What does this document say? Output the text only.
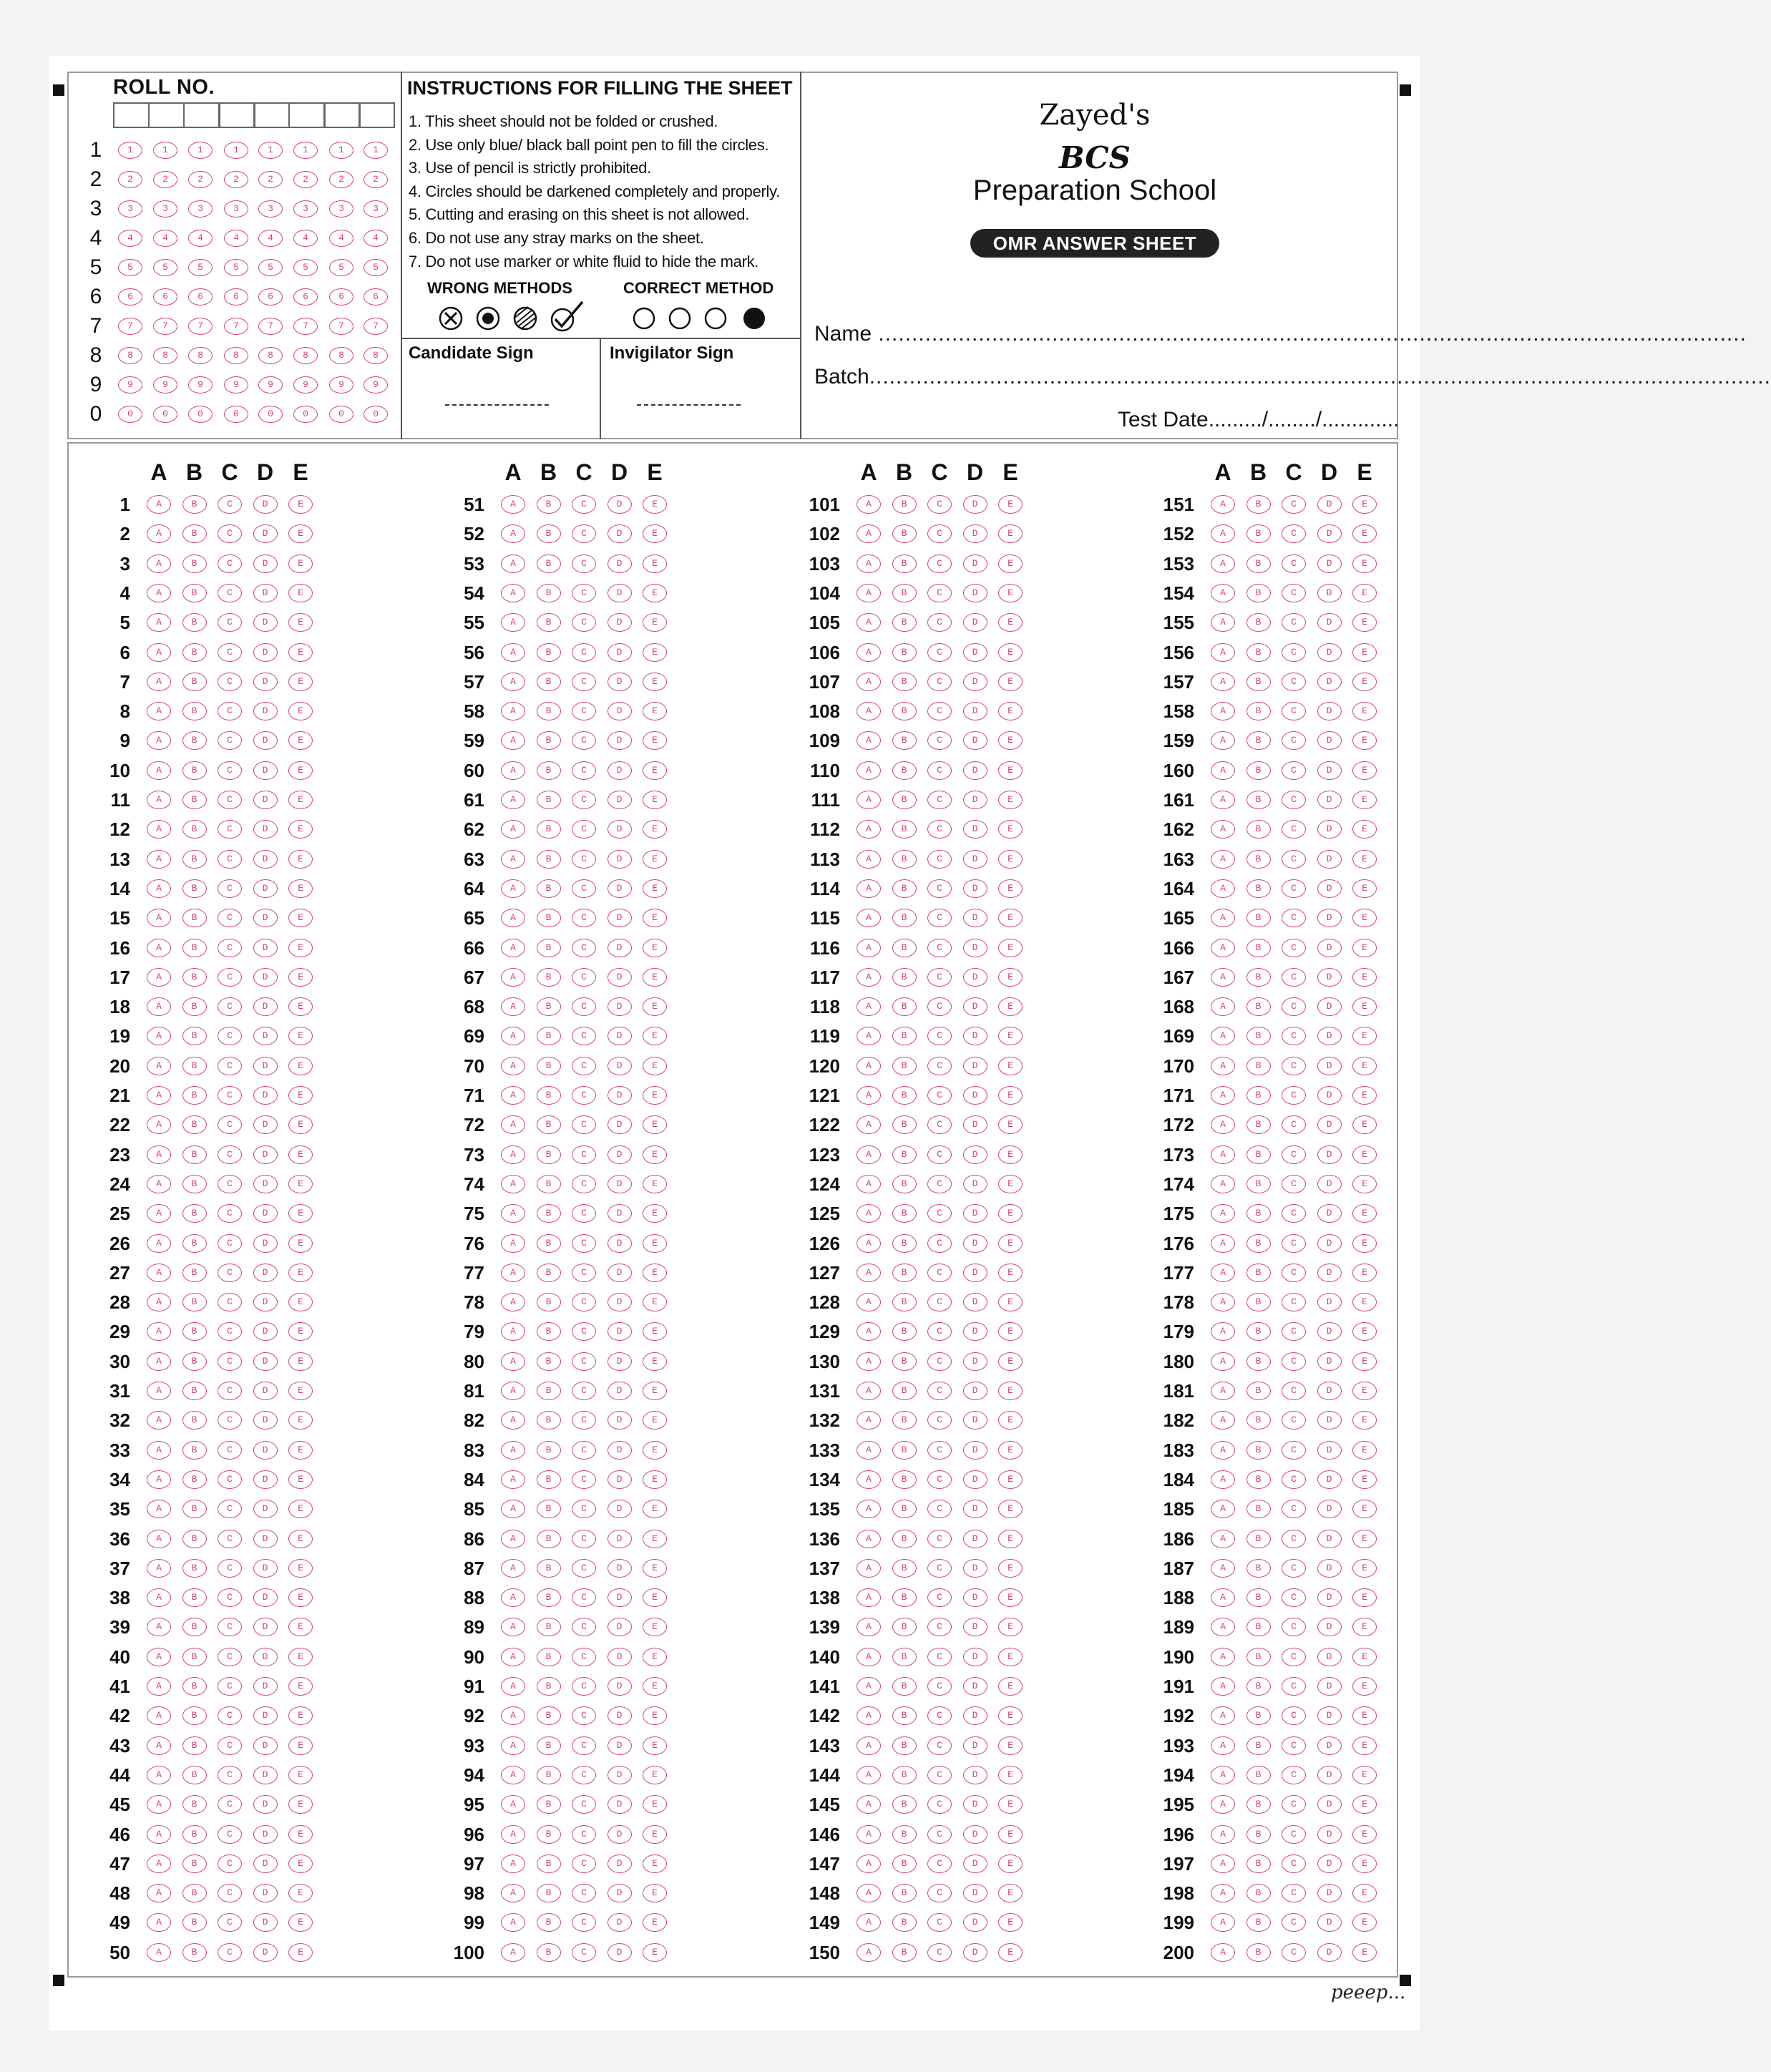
ROLL NO.
1	1	1	1	1	1	1	1	1
2	2	2	2	2	2	2	2	2
3	3	3	3	3	3	3	3	3
4	4	4	4	4	4	4	4	4
5	5	5	5	5	5	5	5	5
6	6	6	6	6	6	6	6	6
7	7	7	7	7	7	7	7	7
8	8	8	8	8	8	8	8	8
9	9	9	9	9	9	9	9	9
0	0	0	0	0	0	0	0	0
INSTRUCTIONS FOR FILLING THE SHEET
1. This sheet should not be folded or crushed.
2. Use only blue/ black ball point pen to fill the circles.
3. Use of pencil is strictly prohibited.
4. Circles should be darkened completely and properly.
5. Cutting and erasing on this sheet is not allowed.
6. Do not use any stray marks on the sheet.
7. Do not use marker or white fluid to hide the mark.
WRONG METHODS	CORRECT METHOD
Candidate Sign	Invigilator Sign
Zayed's
BCS
Preparation School
OMR ANSWER SHEET
Name ..................................................................................................................................
Batch.......................................................................................................................................
Test Date........./......../.............
A B C D E
1	A	B	C	D	E
2	A	B	C	D	E
3	A	B	C	D	E
4	A	B	C	D	E
5	A	B	C	D	E
6	A	B	C	D	E
7	A	B	C	D	E
8	A	B	C	D	E
9	A	B	C	D	E
10	A	B	C	D	E
11	A	B	C	D	E
12	A	B	C	D	E
13	A	B	C	D	E
14	A	B	C	D	E
15	A	B	C	D	E
16	A	B	C	D	E
17	A	B	C	D	E
18	A	B	C	D	E
19	A	B	C	D	E
20	A	B	C	D	E
21	A	B	C	D	E
22	A	B	C	D	E
23	A	B	C	D	E
24	A	B	C	D	E
25	A	B	C	D	E
26	A	B	C	D	E
27	A	B	C	D	E
28	A	B	C	D	E
29	A	B	C	D	E
30	A	B	C	D	E
31	A	B	C	D	E
32	A	B	C	D	E
33	A	B	C	D	E
34	A	B	C	D	E
35	A	B	C	D	E
36	A	B	C	D	E
37	A	B	C	D	E
38	A	B	C	D	E
39	A	B	C	D	E
40	A	B	C	D	E
41	A	B	C	D	E
42	A	B	C	D	E
43	A	B	C	D	E
44	A	B	C	D	E
45	A	B	C	D	E
46	A	B	C	D	E
47	A	B	C	D	E
48	A	B	C	D	E
49	A	B	C	D	E
50	A	B	C	D	E
A B C D E
51	A	B	C	D	E
52	A	B	C	D	E
53	A	B	C	D	E
54	A	B	C	D	E
55	A	B	C	D	E
56	A	B	C	D	E
57	A	B	C	D	E
58	A	B	C	D	E
59	A	B	C	D	E
60	A	B	C	D	E
61	A	B	C	D	E
62	A	B	C	D	E
63	A	B	C	D	E
64	A	B	C	D	E
65	A	B	C	D	E
66	A	B	C	D	E
67	A	B	C	D	E
68	A	B	C	D	E
69	A	B	C	D	E
70	A	B	C	D	E
71	A	B	C	D	E
72	A	B	C	D	E
73	A	B	C	D	E
74	A	B	C	D	E
75	A	B	C	D	E
76	A	B	C	D	E
77	A	B	C	D	E
78	A	B	C	D	E
79	A	B	C	D	E
80	A	B	C	D	E
81	A	B	C	D	E
82	A	B	C	D	E
83	A	B	C	D	E
84	A	B	C	D	E
85	A	B	C	D	E
86	A	B	C	D	E
87	A	B	C	D	E
88	A	B	C	D	E
89	A	B	C	D	E
90	A	B	C	D	E
91	A	B	C	D	E
92	A	B	C	D	E
93	A	B	C	D	E
94	A	B	C	D	E
95	A	B	C	D	E
96	A	B	C	D	E
97	A	B	C	D	E
98	A	B	C	D	E
99	A	B	C	D	E
100	A	B	C	D	E
A B C D E
101	A	B	C	D	E
102	A	B	C	D	E
103	A	B	C	D	E
104	A	B	C	D	E
105	A	B	C	D	E
106	A	B	C	D	E
107	A	B	C	D	E
108	A	B	C	D	E
109	A	B	C	D	E
110	A	B	C	D	E
111	A	B	C	D	E
112	A	B	C	D	E
113	A	B	C	D	E
114	A	B	C	D	E
115	A	B	C	D	E
116	A	B	C	D	E
117	A	B	C	D	E
118	A	B	C	D	E
119	A	B	C	D	E
120	A	B	C	D	E
121	A	B	C	D	E
122	A	B	C	D	E
123	A	B	C	D	E
124	A	B	C	D	E
125	A	B	C	D	E
126	A	B	C	D	E
127	A	B	C	D	E
128	A	B	C	D	E
129	A	B	C	D	E
130	A	B	C	D	E
131	A	B	C	D	E
132	A	B	C	D	E
133	A	B	C	D	E
134	A	B	C	D	E
135	A	B	C	D	E
136	A	B	C	D	E
137	A	B	C	D	E
138	A	B	C	D	E
139	A	B	C	D	E
140	A	B	C	D	E
141	A	B	C	D	E
142	A	B	C	D	E
143	A	B	C	D	E
144	A	B	C	D	E
145	A	B	C	D	E
146	A	B	C	D	E
147	A	B	C	D	E
148	A	B	C	D	E
149	A	B	C	D	E
150	A	B	C	D	E
A B C D E
151	A	B	C	D	E
152	A	B	C	D	E
153	A	B	C	D	E
154	A	B	C	D	E
155	A	B	C	D	E
156	A	B	C	D	E
157	A	B	C	D	E
158	A	B	C	D	E
159	A	B	C	D	E
160	A	B	C	D	E
161	A	B	C	D	E
162	A	B	C	D	E
163	A	B	C	D	E
164	A	B	C	D	E
165	A	B	C	D	E
166	A	B	C	D	E
167	A	B	C	D	E
168	A	B	C	D	E
169	A	B	C	D	E
170	A	B	C	D	E
171	A	B	C	D	E
172	A	B	C	D	E
173	A	B	C	D	E
174	A	B	C	D	E
175	A	B	C	D	E
176	A	B	C	D	E
177	A	B	C	D	E
178	A	B	C	D	E
179	A	B	C	D	E
180	A	B	C	D	E
181	A	B	C	D	E
182	A	B	C	D	E
183	A	B	C	D	E
184	A	B	C	D	E
185	A	B	C	D	E
186	A	B	C	D	E
187	A	B	C	D	E
188	A	B	C	D	E
189	A	B	C	D	E
190	A	B	C	D	E
191	A	B	C	D	E
192	A	B	C	D	E
193	A	B	C	D	E
194	A	B	C	D	E
195	A	B	C	D	E
196	A	B	C	D	E
197	A	B	C	D	E
198	A	B	C	D	E
199	A	B	C	D	E
200	A	B	C	D	E
peeep...
